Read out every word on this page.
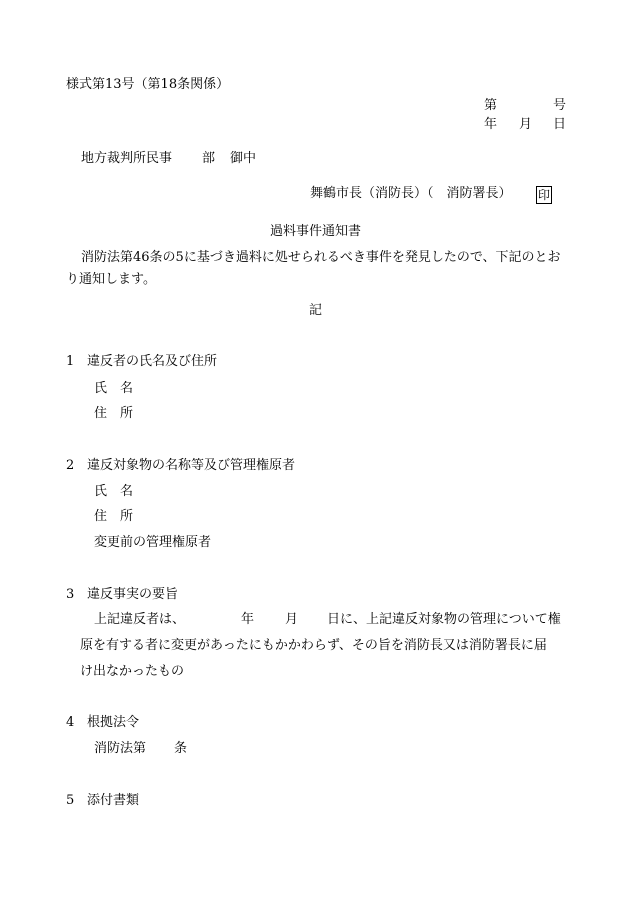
様式第13号（第18条関係）

第	号

年 月 日

地方裁判所民事 部 御中

舞鶴市長（消防長）（　消防署長） 印

過料事件通知書

消防法第46条の5に基づき過料に処せられるべき事件を発見したので、下記のとお

り通知します。

記

1 違反者の氏名及び住所

氏　名

住　所

2 違反対象物の名称等及び管理権原者

氏　名

住　所

変更前の管理権原者

3 違反事実の要旨

上記違反者は、	年 月 日に、上記違反対象物の管理について権

原を有する者に変更があったにもかかわらず、その旨を消防長又は消防署長に届

け出なかったもの

4 根拠法令

消防法第 条

5 添付書類
